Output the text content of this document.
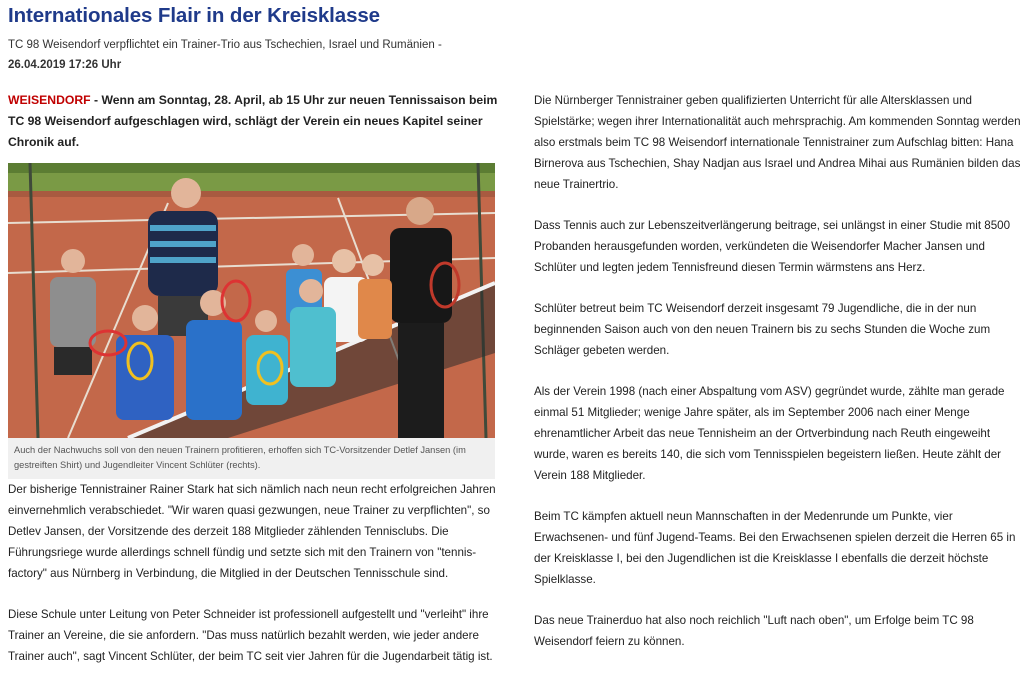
Internationales Flair in der Kreisklasse
TC 98 Weisendorf verpflichtet ein Trainer-Trio aus Tschechien, Israel und Rumänien -
26.04.2019 17:26 Uhr

WEISENDORF - Wenn am Sonntag, 28. April, ab 15 Uhr zur neuen Tennissaison beim TC 98 Weisendorf aufgeschlagen wird, schlägt der Verein ein neues Kapitel seiner Chronik auf.

Auch der Nachwuchs soll von den neuen Trainern profitieren, erhoffen sich TC-Vorsitzender Detlef Jansen (im gestreiften Shirt) und Jugendleiter Vincent Schlüter (rechts).

Der bisherige Tennistrainer Rainer Stark hat sich nämlich nach neun recht erfolgreichen Jahren einvernehmlich verabschiedet. "Wir waren quasi gezwungen, neue Trainer zu verpflichten", so Detlev Jansen, der Vorsitzende des derzeit 188 Mitglieder zählenden Tennisclubs. Die Führungsriege wurde allerdings schnell fündig und setzte sich mit den Trainern von "tennis-factory" aus Nürnberg in Verbindung, die Mitglied in der Deutschen Tennisschule sind.

Diese Schule unter Leitung von Peter Schneider ist professionell aufgestellt und "verleiht" ihre Trainer an Vereine, die sie anfordern. "Das muss natürlich bezahlt werden, wie jeder andere Trainer auch", sagt Vincent Schlüter, der beim TC seit vier Jahren für die Jugendarbeit tätig ist.

Die Nürnberger Tennistrainer geben qualifizierten Unterricht für alle Altersklassen und Spielstärke; wegen ihrer Internationalität auch mehrsprachig. Am kommenden Sonntag werden also erstmals beim TC 98 Weisendorf internationale Tennistrainer zum Aufschlag bitten: Hana Birnerova aus Tschechien, Shay Nadjan aus Israel und Andrea Mihai aus Rumänien bilden das neue Trainertrio.

Dass Tennis auch zur Lebenszeitverlängerung beitrage, sei unlängst in einer Studie mit 8500 Probanden herausgefunden worden, verkündeten die Weisendorfer Macher Jansen und Schlüter und legten jedem Tennisfreund diesen Termin wärmstens ans Herz.

Schlüter betreut beim TC Weisendorf derzeit insgesamt 79 Jugendliche, die in der nun beginnenden Saison auch von den neuen Trainern bis zu sechs Stunden die Woche zum Schläger gebeten werden.

Als der Verein 1998 (nach einer Abspaltung vom ASV) gegründet wurde, zählte man gerade einmal 51 Mitglieder; wenige Jahre später, als im September 2006 nach einer Menge ehrenamtlicher Arbeit das neue Tennisheim an der Ortverbindung nach Reuth eingeweiht wurde, waren es bereits 140, die sich vom Tennisspielen begeistern ließen. Heute zählt der Verein 188 Mitglieder.

Beim TC kämpfen aktuell neun Mannschaften in der Medenrunde um Punkte, vier Erwachsenen- und fünf Jugend-Teams. Bei den Erwachsenen spielen derzeit die Herren 65 in der Kreisklasse I, bei den Jugendlichen ist die Kreisklasse I ebenfalls die derzeit höchste Spielklasse.

Das neue Trainerduo hat also noch reichlich "Luft nach oben", um Erfolge beim TC 98 Weisendorf feiern zu können.
